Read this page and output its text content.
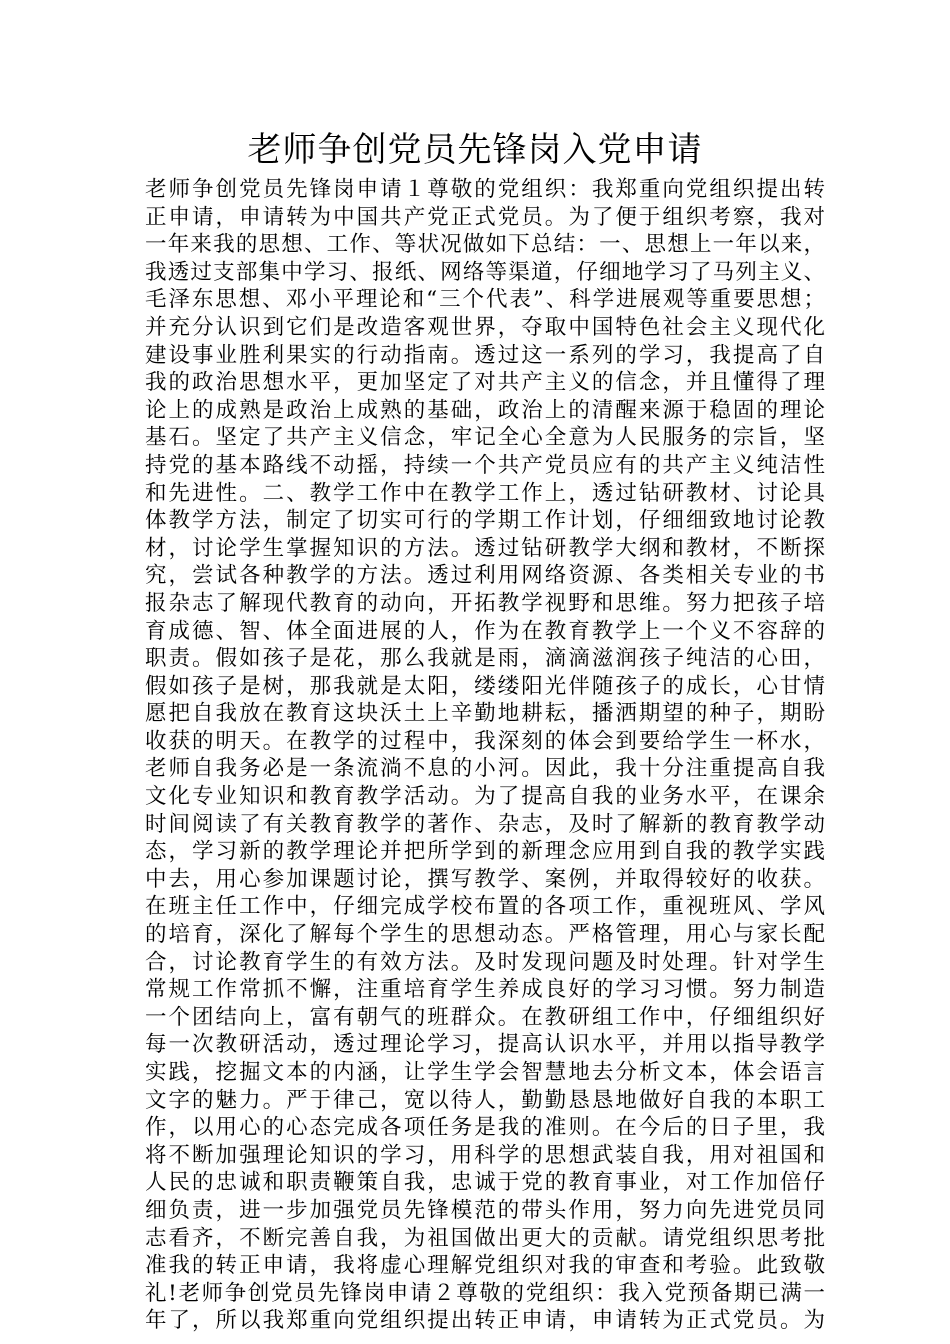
老师争创党员先锋岗入党申请
老师争创党员先锋岗申请１尊敬的党组织：我郑重向党组织提出转
正申请，申请转为中国共产党正式党员。为了便于组织考察，我对
一年来我的思想、工作、等状况做如下总结：一、思想上一年以来，
我透过支部集中学习、报纸、网络等渠道，仔细地学习了马列主义、
毛泽东思想、邓小平理论和“三个代表”、科学进展观等重要思想；
并充分认识到它们是改造客观世界，夺取中国特色社会主义现代化
建设事业胜利果实的行动指南。透过这一系列的学习，我提高了自
我的政治思想水平，更加坚定了对共产主义的信念，并且懂得了理
论上的成熟是政治上成熟的基础，政治上的清醒来源于稳固的理论
基石。坚定了共产主义信念，牢记全心全意为人民服务的宗旨，坚
持党的基本路线不动摇，持续一个共产党员应有的共产主义纯洁性
和先进性。二、教学工作中在教学工作上，透过钻研教材、讨论具
体教学方法，制定了切实可行的学期工作计划，仔细细致地讨论教
材，讨论学生掌握知识的方法。透过钻研教学大纲和教材，不断探
究，尝试各种教学的方法。透过利用网络资源、各类相关专业的书
报杂志了解现代教育的动向，开拓教学视野和思维。努力把孩子培
育成德、智、体全面进展的人，作为在教育教学上一个义不容辞的
职责。假如孩子是花，那么我就是雨，滴滴滋润孩子纯洁的心田，
假如孩子是树，那我就是太阳，缕缕阳光伴随孩子的成长，心甘情
愿把自我放在教育这块沃土上辛勤地耕耘，播洒期望的种子，期盼
收获的明天。在教学的过程中，我深刻的体会到要给学生一杯水，
老师自我务必是一条流淌不息的小河。因此，我十分注重提高自我
文化专业知识和教育教学活动。为了提高自我的业务水平，在课余
时间阅读了有关教育教学的著作、杂志，及时了解新的教育教学动
态，学习新的教学理论并把所学到的新理念应用到自我的教学实践
中去，用心参加课题讨论，撰写教学、案例，并取得较好的收获。
在班主任工作中，仔细完成学校布置的各项工作，重视班风、学风
的培育，深化了解每个学生的思想动态。严格管理，用心与家长配
合，讨论教育学生的有效方法。及时发现问题及时处理。针对学生
常规工作常抓不懈，注重培育学生养成良好的学习习惯。努力制造
一个团结向上，富有朝气的班群众。在教研组工作中，仔细组织好
每一次教研活动，透过理论学习，提高认识水平，并用以指导教学
实践，挖掘文本的内涵，让学生学会智慧地去分析文本，体会语言
文字的魅力。严于律己，宽以待人，勤勤恳恳地做好自我的本职工
作，以用心的心态完成各项任务是我的准则。在今后的日子里，我
将不断加强理论知识的学习，用科学的思想武装自我，用对祖国和
人民的忠诚和职责鞭策自我，忠诚于党的教育事业，对工作加倍仔
细负责，进一步加强党员先锋模范的带头作用，努力向先进党员同
志看齐，不断完善自我，为祖国做出更大的贡献。请党组织思考批
准我的转正申请，我将虚心理解党组织对我的审查和考验。此致敬
礼!老师争创党员先锋岗申请２尊敬的党组织：我入党预备期已满一
年了，所以我郑重向党组织提出转正申请，申请转为正式党员。为
